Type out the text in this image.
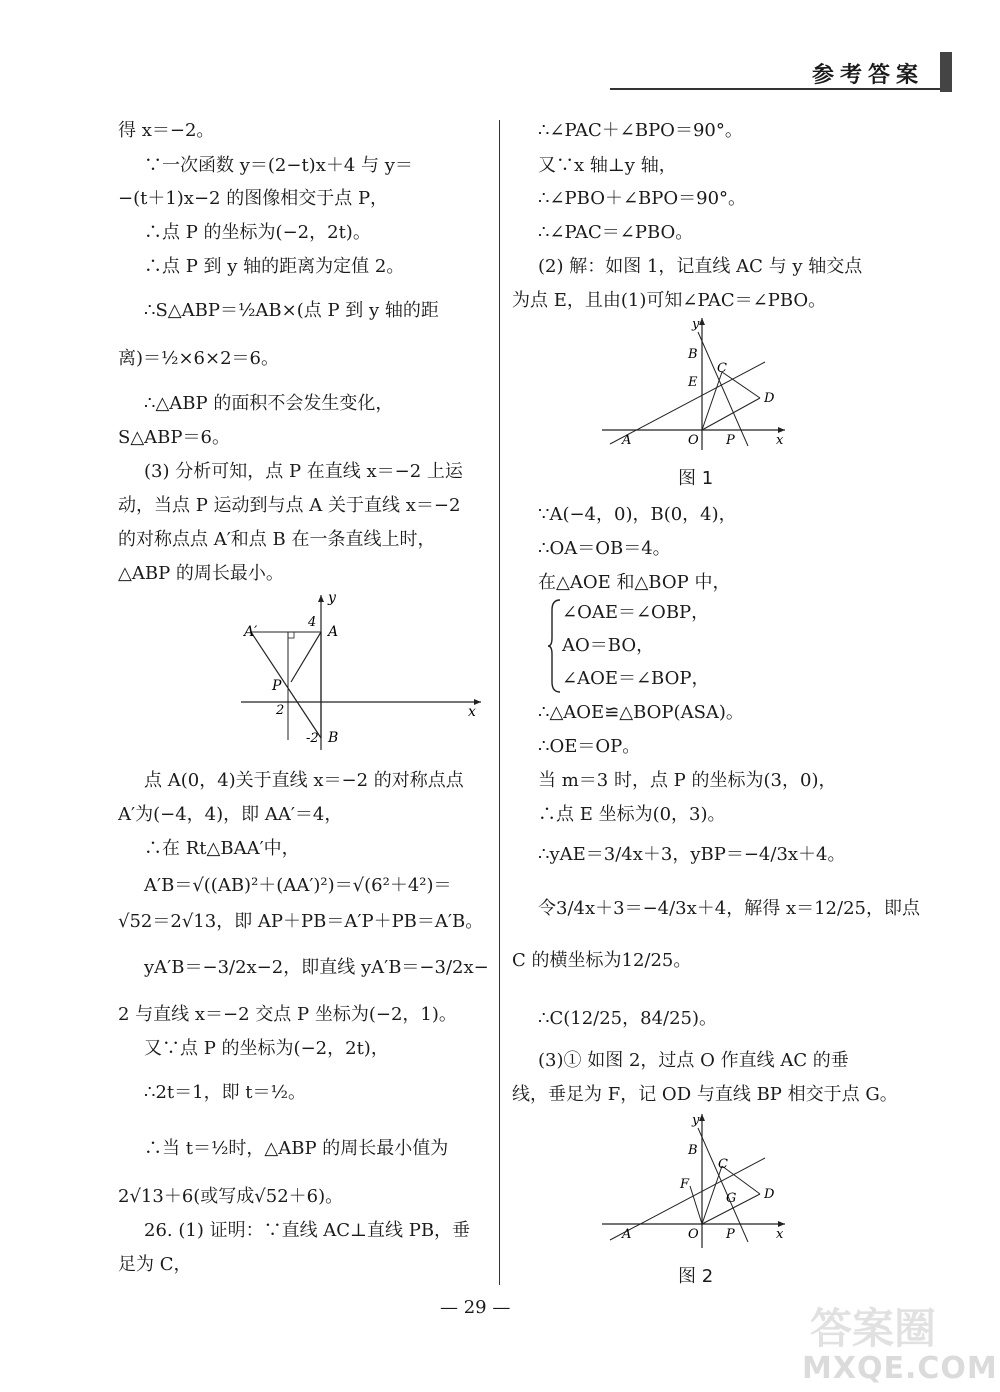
参考答案
得 x＝−2。
∵一次函数 y＝(2−t)x＋4 与 y＝
−(t＋1)x−2 的图像相交于点 P，
∴点 P 的坐标为(−2，2t)。
∴点 P 到 y 轴的距离为定值 2。
∴S△ABP＝½AB×(点 P 到 y 轴的距
离)＝½×6×2＝6。
∴△ABP 的面积不会发生变化，
S△ABP＝6。
(3) 分析可知，点 P 在直线 x＝−2 上运
动，当点 P 运动到与点 A 关于直线 x＝−2
的对称点点 A′和点 B 在一条直线上时，
△ABP 的周长最小。
A′	A
4
y
P
2	x
-2 B
点 A(0，4)关于直线 x＝−2 的对称点点
A′为(−4，4)，即 AA′＝4，
∴在 Rt△BAA′中，
A′B＝√((AB)²＋(AA′)²)＝√(6²＋4²)＝
√52＝2√13，即 AP＋PB＝A′P＋PB＝A′B。
yA′B＝−3/2x−2，即直线 yA′B＝−3/2x−
2 与直线 x＝−2 交点 P 坐标为(−2，1)。
又∵点 P 的坐标为(−2，2t)，
∴2t＝1，即 t＝½。
∴当 t＝½时，△ABP 的周长最小值为
2√13＋6(或写成√52＋6)。
26. (1) 证明：∵直线 AC⊥直线 PB，垂
足为 C，
∴∠PAC＋∠BPO＝90°。
又∵x 轴⊥y 轴，
∴∠PBO＋∠BPO＝90°。
∴∠PAC＝∠PBO。
(2) 解：如图 1，记直线 AC 与 y 轴交点
为点 E，且由(1)可知∠PAC＝∠PBO。
y
B
C
E
D
A	O P	x
图 1
∵A(−4，0)，B(0，4)，
∴OA＝OB＝4。
在△AOE 和△BOP 中，
∠OAE＝∠OBP，
AO＝BO，
∠AOE＝∠BOP，
∴△AOE≌△BOP(ASA)。
∴OE＝OP。
当 m＝3 时，点 P 的坐标为(3，0)，
∴点 E 坐标为(0，3)。
∴yAE＝3/4x＋3，yBP＝−4/3x＋4。
令3/4x＋3＝−4/3x＋4，解得 x＝12/25，即点
C 的横坐标为12/25。
∴C(12/25，84/25)。
(3)① 如图 2，过点 O 作直线 AC 的垂
线，垂足为 F，记 OD 与直线 BP 相交于点 G。
y
B
C
F
G D
A	O P	x
图 2
— 29 —	答案圈
MXQE.COM
